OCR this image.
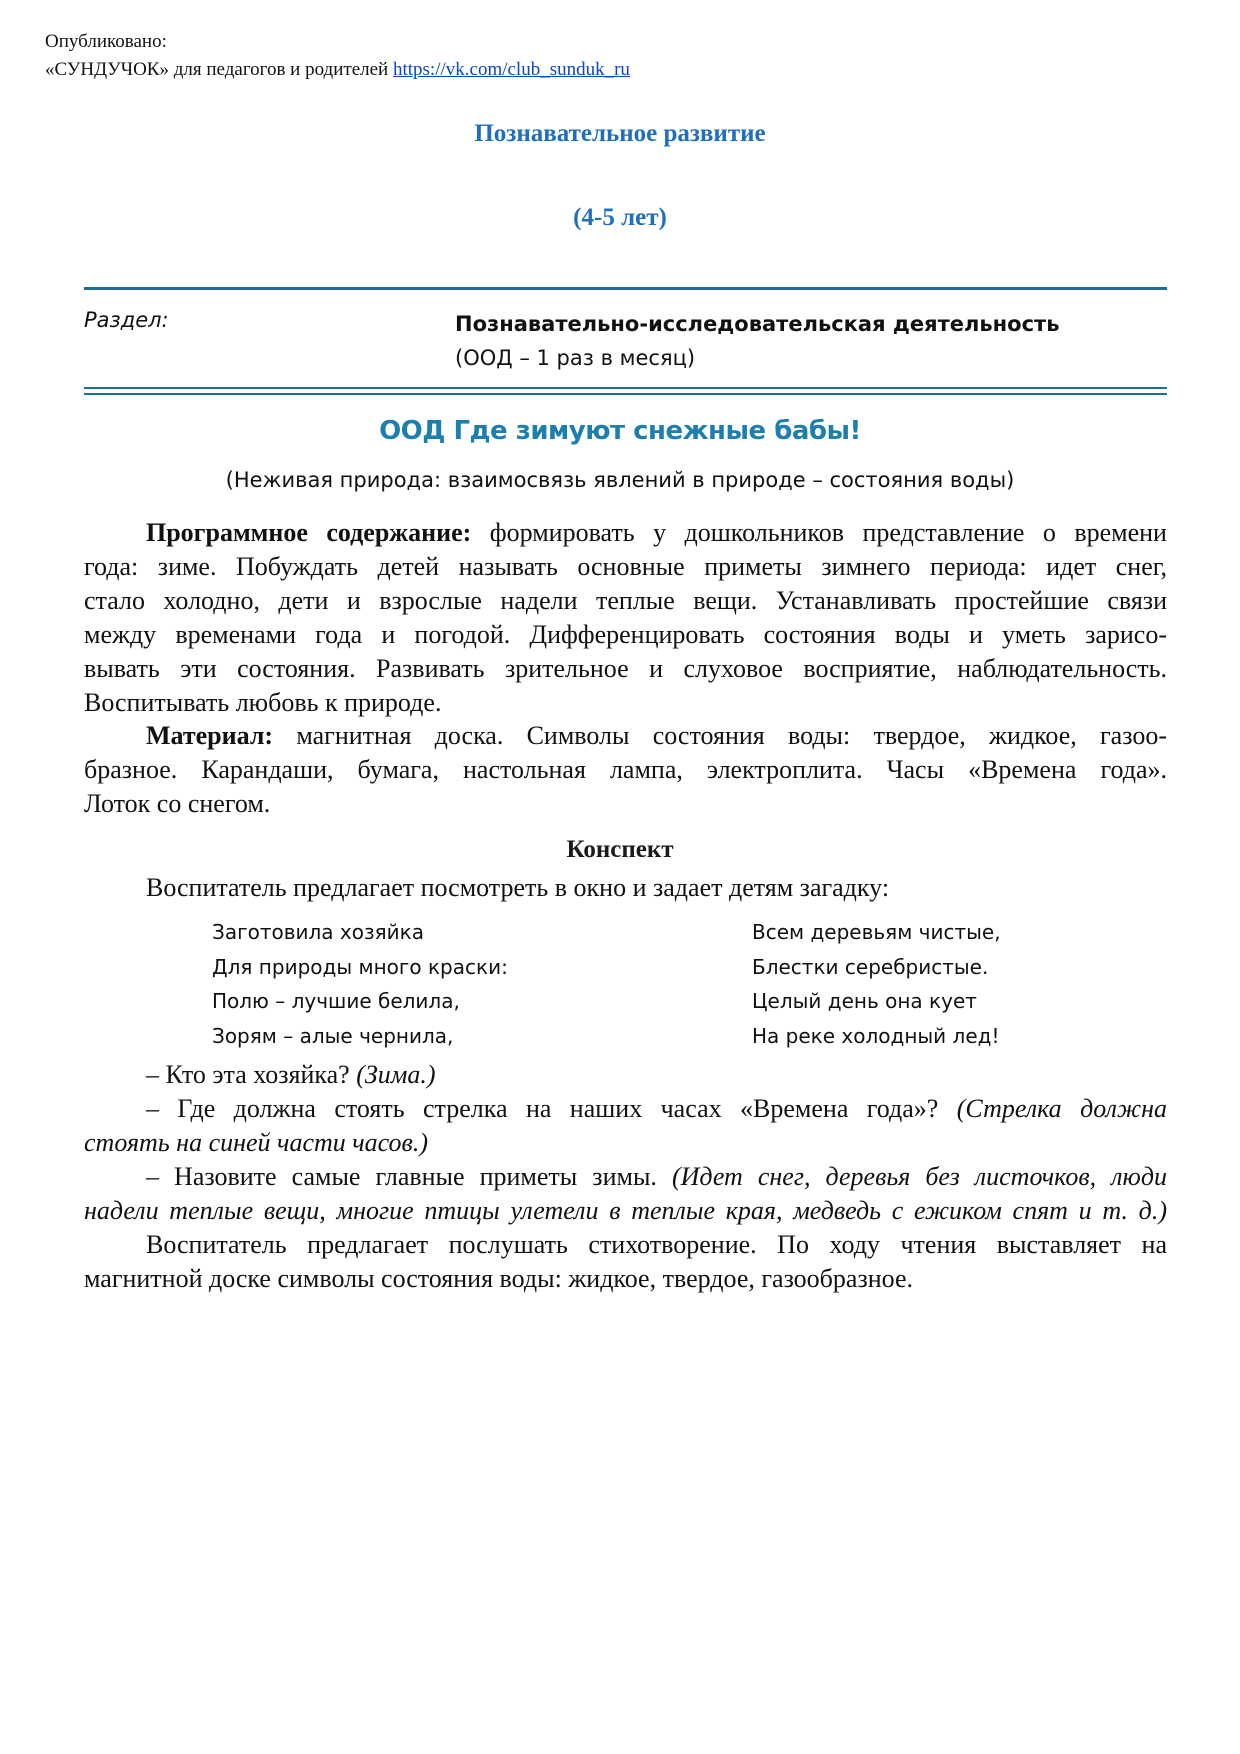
Опубликовано:
«СУНДУЧОК» для педагогов и родителей https://vk.com/club_sunduk_ru
Познавательное развитие
(4-5 лет)
Раздел:	Познавательно-исследовательская деятельность
(ООД – 1 раз в месяц)
ООД Где зимуют снежные бабы!
(Неживая природа: взаимосвязь явлений в природе – состояния воды)
Программное содержание: формировать у дошкольников представление о времени
года: зиме. Побуждать детей называть основные приметы зимнего периода: идет снег,
стало холодно, дети и взрослые надели теплые вещи. Устанавливать простейшие связи
между временами года и погодой. Дифференцировать состояния воды и уметь зарисо-
вывать эти состояния. Развивать зрительное и слуховое восприятие, наблюдательность.
Воспитывать любовь к природе.
Материал: магнитная доска. Символы состояния воды: твердое, жидкое, газоо-
бразное. Карандаши, бумага, настольная лампа, электроплита. Часы «Времена года».
Лоток со снегом.
Конспект
Воспитатель предлагает посмотреть в окно и задает детям загадку:
Заготовила хозяйка
Для природы много краски:
Полю – лучшие белила,
Зорям – алые чернила,
Всем деревьям чистые,
Блестки серебристые.
Целый день она кует
На реке холодный лед!
– Кто эта хозяйка? (Зима.)
– Где должна стоять стрелка на наших часах «Времена года»? (Стрелка должна
стоять на синей части часов.)
– Назовите самые главные приметы зимы. (Идет снег, деревья без листочков, люди
надели теплые вещи, многие птицы улетели в теплые края, медведь с ежиком спят и т. д.)
Воспитатель предлагает послушать стихотворение. По ходу чтения выставляет на
магнитной доске символы состояния воды: жидкое, твердое, газообразное.
